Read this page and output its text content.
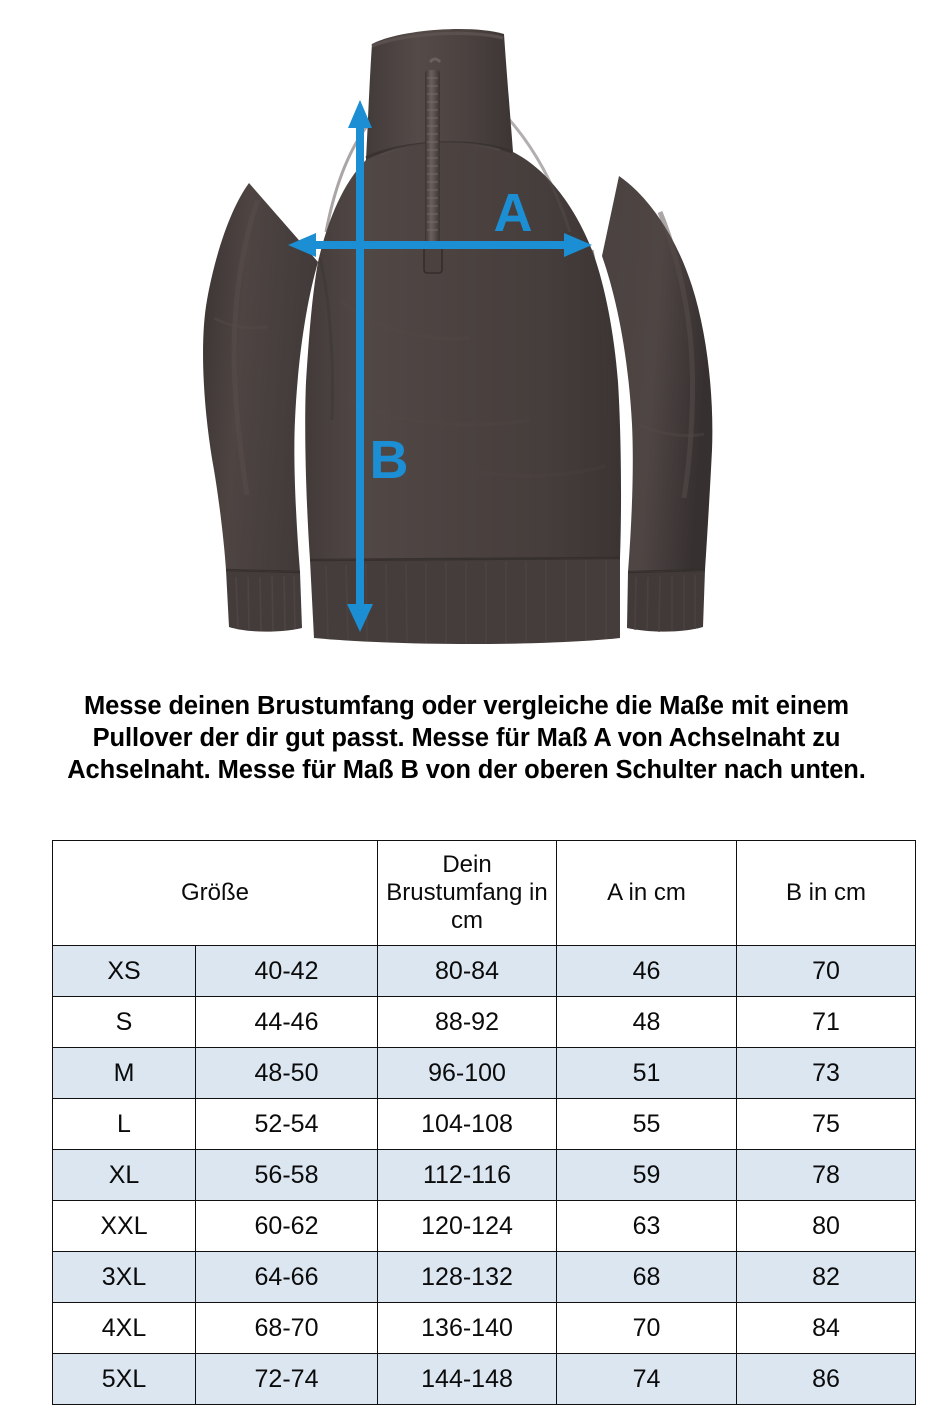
A
B

Messe deinen Brustumfang oder vergleiche die Maße mit einem Pullover der dir gut passt. Messe für Maß A von Achselnaht zu Achselnaht. Messe für Maß B von der oberen Schulter nach unten.

Größe		Dein Brustumfang in cm	A in cm	B in cm
XS	40-42	80-84	46	70
S	44-46	88-92	48	71
M	48-50	96-100	51	73
L	52-54	104-108	55	75
XL	56-58	112-116	59	78
XXL	60-62	120-124	63	80
3XL	64-66	128-132	68	82
4XL	68-70	136-140	70	84
5XL	72-74	144-148	74	86
